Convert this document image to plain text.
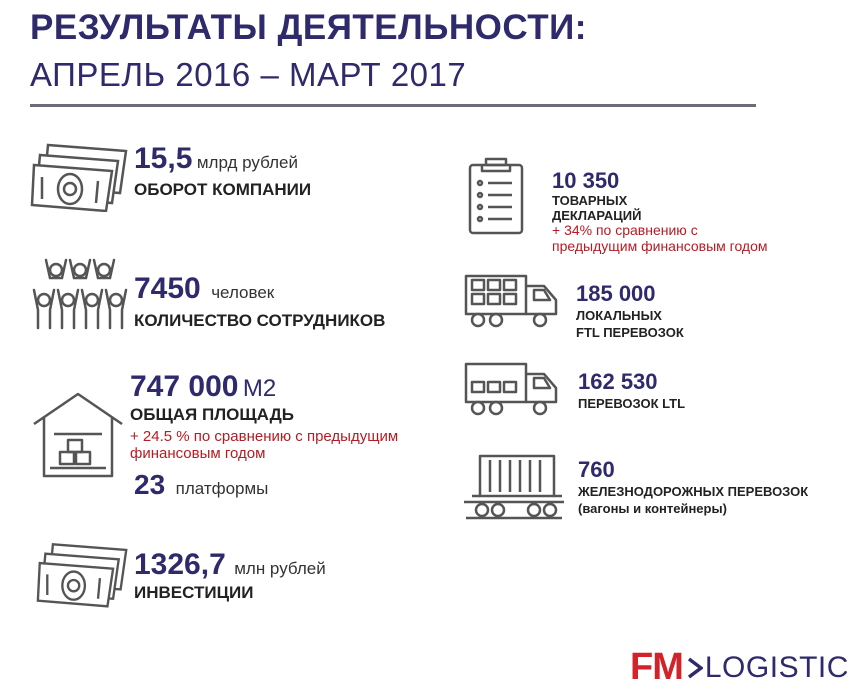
РЕЗУЛЬТАТЫ ДЕЯТЕЛЬНОСТИ:
АПРЕЛЬ 2016 – МАРТ 2017
15,5 млрд рублей
ОБОРОТ КОМПАНИИ
7450 человек
КОЛИЧЕСТВО СОТРУДНИКОВ
747 000 М2
ОБЩАЯ ПЛОЩАДЬ
+ 24.5 % по сравнению с предыдущим
финансовым годом
23 платформы
1326,7 млн рублей
ИНВЕСТИЦИИ
10 350
ТОВАРНЫХ
ДЕКЛАРАЦИЙ
+ 34% по сравнению с
предыдущим финансовым годом
185 000
ЛОКАЛЬНЫХ
FTL ПЕРЕВОЗОК
162 530
ПЕРЕВОЗОК LTL
760
ЖЕЛЕЗНОДОРОЖНЫХ ПЕРЕВОЗОК
(вагоны и контейнеры)
FM LOGISTIC
